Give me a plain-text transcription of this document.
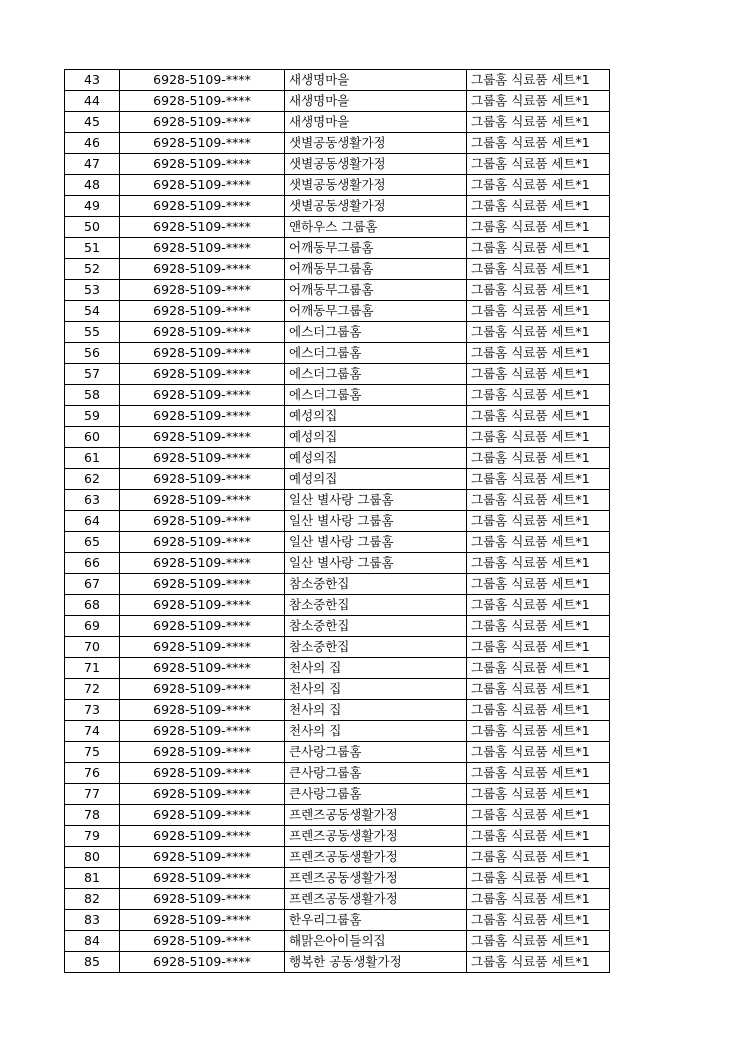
43	6928-5109-****	새생명마을	그룹홈 식료품 세트*1
44	6928-5109-****	새생명마을	그룹홈 식료품 세트*1
45	6928-5109-****	새생명마을	그룹홈 식료품 세트*1
46	6928-5109-****	샛별공동생활가정	그룹홈 식료품 세트*1
47	6928-5109-****	샛별공동생활가정	그룹홈 식료품 세트*1
48	6928-5109-****	샛별공동생활가정	그룹홈 식료품 세트*1
49	6928-5109-****	샛별공동생활가정	그룹홈 식료품 세트*1
50	6928-5109-****	앤하우스 그룹홈	그룹홈 식료품 세트*1
51	6928-5109-****	어깨동무그룹홈	그룹홈 식료품 세트*1
52	6928-5109-****	어깨동무그룹홈	그룹홈 식료품 세트*1
53	6928-5109-****	어깨동무그룹홈	그룹홈 식료품 세트*1
54	6928-5109-****	어깨동무그룹홈	그룹홈 식료품 세트*1
55	6928-5109-****	에스더그룹홈	그룹홈 식료품 세트*1
56	6928-5109-****	에스더그룹홈	그룹홈 식료품 세트*1
57	6928-5109-****	에스더그룹홈	그룹홈 식료품 세트*1
58	6928-5109-****	에스더그룹홈	그룹홈 식료품 세트*1
59	6928-5109-****	예성의집	그룹홈 식료품 세트*1
60	6928-5109-****	예성의집	그룹홈 식료품 세트*1
61	6928-5109-****	예성의집	그룹홈 식료품 세트*1
62	6928-5109-****	예성의집	그룹홈 식료품 세트*1
63	6928-5109-****	일산 별사랑 그룹홈	그룹홈 식료품 세트*1
64	6928-5109-****	일산 별사랑 그룹홈	그룹홈 식료품 세트*1
65	6928-5109-****	일산 별사랑 그룹홈	그룹홈 식료품 세트*1
66	6928-5109-****	일산 별사랑 그룹홈	그룹홈 식료품 세트*1
67	6928-5109-****	참소중한집	그룹홈 식료품 세트*1
68	6928-5109-****	참소중한집	그룹홈 식료품 세트*1
69	6928-5109-****	참소중한집	그룹홈 식료품 세트*1
70	6928-5109-****	참소중한집	그룹홈 식료품 세트*1
71	6928-5109-****	천사의 집	그룹홈 식료품 세트*1
72	6928-5109-****	천사의 집	그룹홈 식료품 세트*1
73	6928-5109-****	천사의 집	그룹홈 식료품 세트*1
74	6928-5109-****	천사의 집	그룹홈 식료품 세트*1
75	6928-5109-****	큰사랑그룹홈	그룹홈 식료품 세트*1
76	6928-5109-****	큰사랑그룹홈	그룹홈 식료품 세트*1
77	6928-5109-****	큰사랑그룹홈	그룹홈 식료품 세트*1
78	6928-5109-****	프렌즈공동생활가정	그룹홈 식료품 세트*1
79	6928-5109-****	프렌즈공동생활가정	그룹홈 식료품 세트*1
80	6928-5109-****	프렌즈공동생활가정	그룹홈 식료품 세트*1
81	6928-5109-****	프렌즈공동생활가정	그룹홈 식료품 세트*1
82	6928-5109-****	프렌즈공동생활가정	그룹홈 식료품 세트*1
83	6928-5109-****	한우리그룹홈	그룹홈 식료품 세트*1
84	6928-5109-****	해맑은아이들의집	그룹홈 식료품 세트*1
85	6928-5109-****	행복한 공동생활가정	그룹홈 식료품 세트*1
